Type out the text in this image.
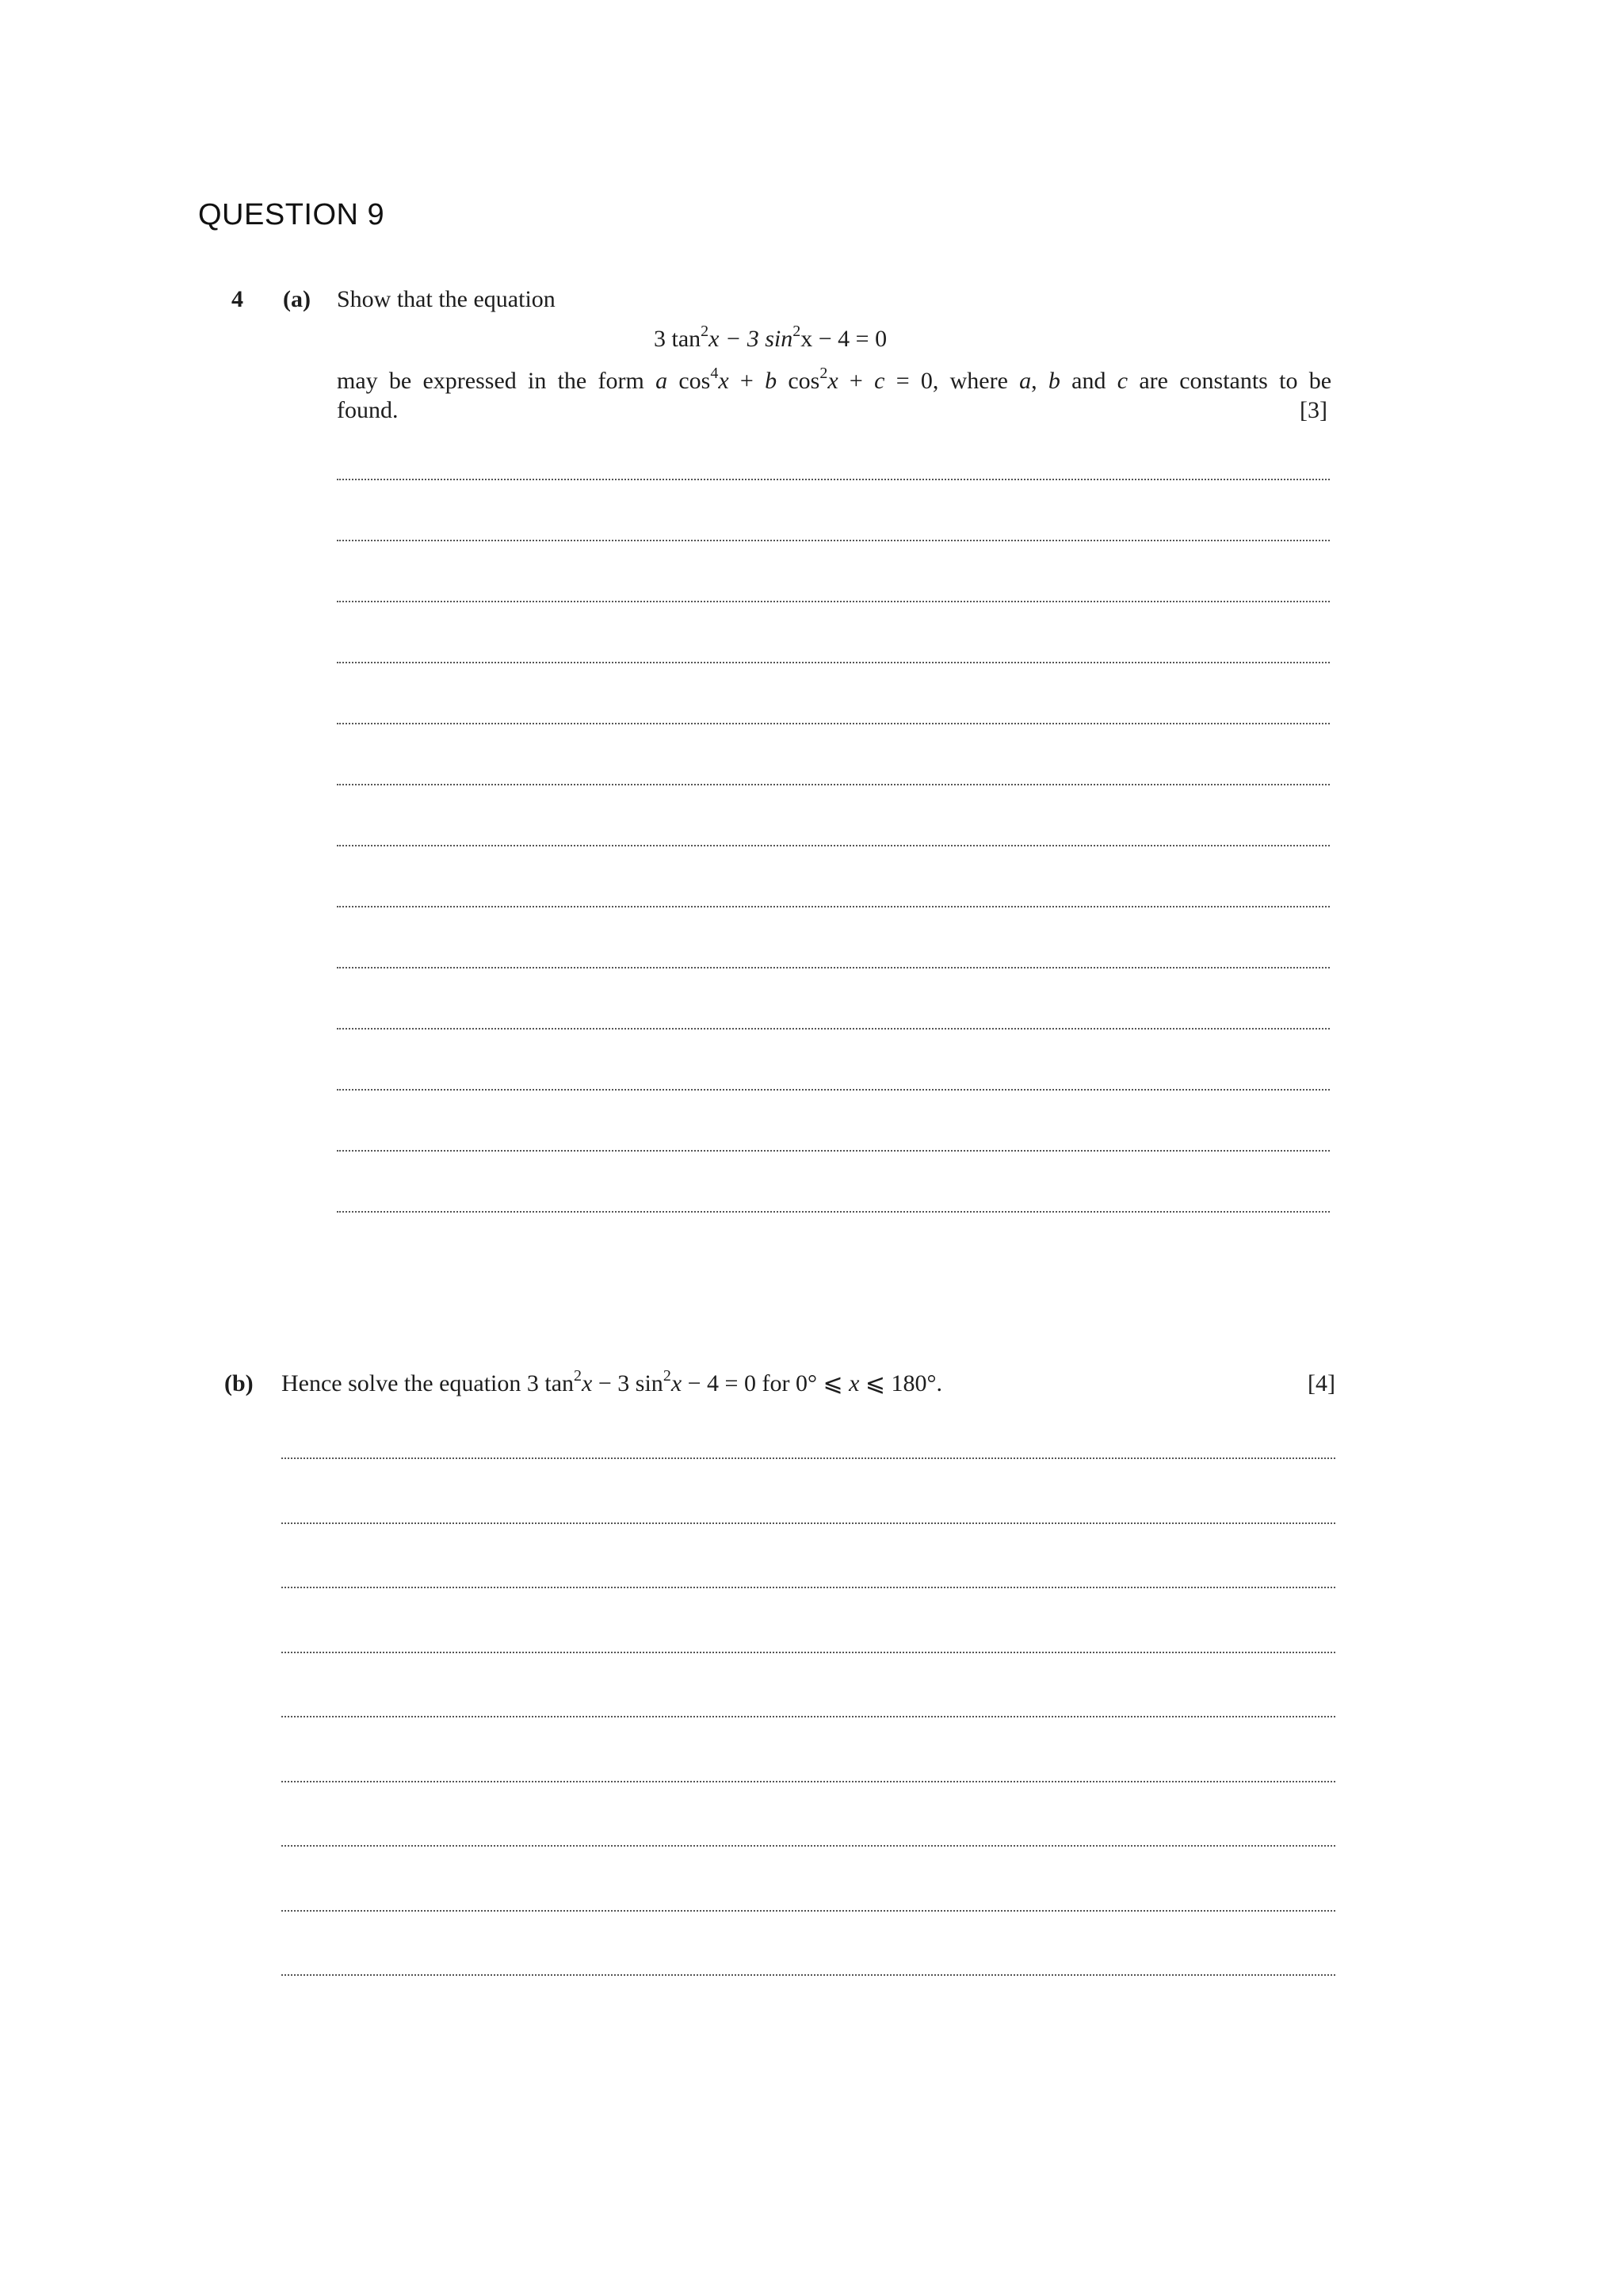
QUESTION 9
4 (a) Show that the equation
3 $\tan^2x - 3$ $\sin^2x - 4 = 0$
may be expressed in the form a $\cos^4x + b$ $\cos^2x + c = 0$, where a, b and c are constants to be
found.	[3]
(b) Hence solve the equation 3 $\tan^2x - 3$ $\sin^2x - 4 = 0$ for 0° ⩽ x ⩽ 180°.	[4]
